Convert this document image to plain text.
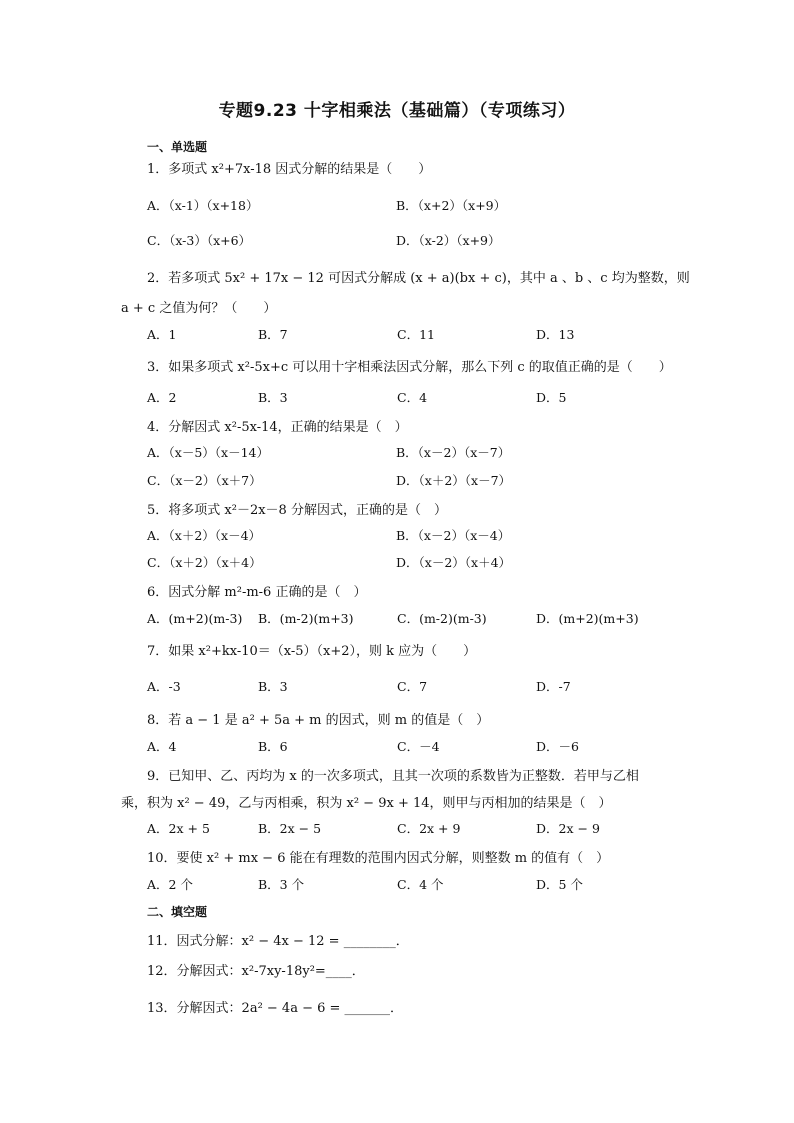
专题9.23 十字相乘法（基础篇）（专项练习）
一、单选题
1．多项式 x²+7x-18 因式分解的结果是（　　）
A．（x-1）（x+18）	B．（x+2）（x+9）
C．（x-3）（x+6）	D．（x-2）（x+9）
2．若多项式 5x² + 17x − 12 可因式分解成 (x + a)(bx + c)，其中 a 、b 、c 均为整数，则
a + c 之值为何？（　　）
A．1	B．7	C．11	D．13
3．如果多项式 x²-5x+c 可以用十字相乘法因式分解，那么下列 c 的取值正确的是（　　）
A．2	B．3	C．4	D．5
4．分解因式 x²-5x-14，正确的结果是（　）
A．（x－5）（x－14）	B．（x－2）（x－7）
C．（x－2）（x＋7）	D．（x＋2）（x－7）
5．将多项式 x²－2x－8 分解因式，正确的是（　）
A．（x＋2）（x－4）	B．（x－2）（x－4）
C．（x＋2）（x＋4）	D．（x－2）（x＋4）
6．因式分解 m²-m-6 正确的是（　）
A．(m+2)(m-3) B．(m-2)(m+3)	C．(m-2)(m-3)	D．(m+2)(m+3)
7．如果 x²+kx-10＝（x-5）（x+2），则 k 应为（　　）
A．-3	B．3	C．7	D．-7
8．若 a − 1 是 a² + 5a + m 的因式，则 m 的值是（　）
A．4	B．6	C．－4	D．－6
9．已知甲、乙、丙均为 x 的一次多项式，且其一次项的系数皆为正整数．若甲与乙相
乘，积为 x² − 49，乙与丙相乘，积为 x² − 9x + 14，则甲与丙相加的结果是（　）
A．2x + 5	B．2x − 5	C．2x + 9	D．2x − 9
10．要使 x² + mx − 6 能在有理数的范围内因式分解，则整数 m 的值有（　）
A．2 个	B．3 个	C．4 个	D．5 个
二、填空题
11．因式分解：x² − 4x − 12 = ________．
12．分解因式：x²-7xy-18y²=____．
13．分解因式：2a² − 4a − 6 = _______．
